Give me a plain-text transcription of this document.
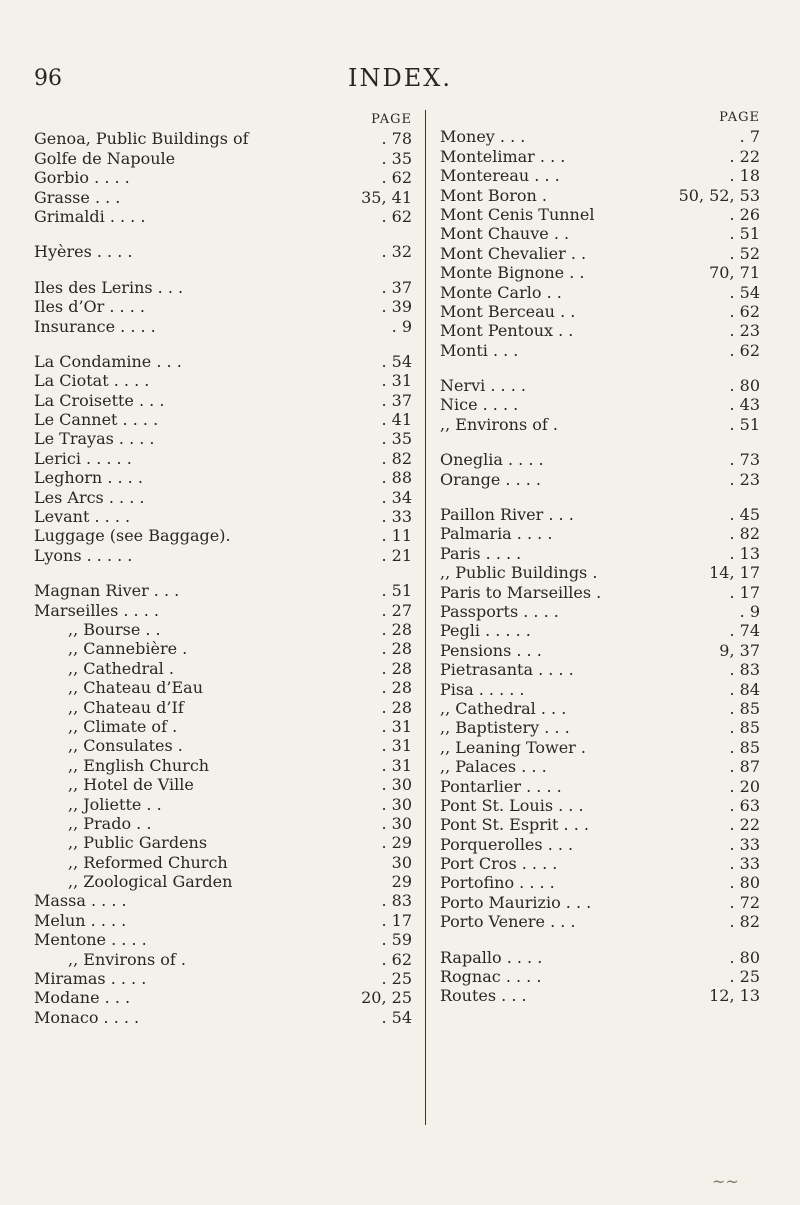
96	INDEX.
PAGE
Genoa, Public Buildings of	. 78
Golfe de Napoule	. 35
Gorbio . . . .	. 62
Grasse . . .	35, 41
Grimaldi . . . .	. 62
Hyères . . . .	. 32
Iles des Lerins . . .	. 37
Iles d’Or . . . .	. 39
Insurance . . . .	. 9
La Condamine . . .	. 54
La Ciotat . . . .	. 31
La Croisette . . .	. 37
Le Cannet . . . .	. 41
Le Trayas . . . .	. 35
Lerici . . . . .	. 82
Leghorn . . . .	. 88
Les Arcs . . . .	. 34
Levant . . . .	. 33
Luggage (see Baggage).	. 11
Lyons . . . . .	. 21
Magnan River . . .	. 51
Marseilles . . . .	. 27
,, Bourse . .	. 28
,, Cannebière .	. 28
,, Cathedral .	. 28
,, Chateau d’Eau	. 28
,, Chateau d’If	. 28
,, Climate of .	. 31
,, Consulates .	. 31
,, English Church	. 31
,, Hotel de Ville	. 30
,, Joliette . .	. 30
,, Prado . .	. 30
,, Public Gardens	. 29
,, Reformed Church	30
,, Zoological Garden	29
Massa . . . .	. 83
Melun . . . .	. 17
Mentone . . . .	. 59
,, Environs of .	. 62
Miramas . . . .	. 25
Modane . . .	20, 25
Monaco . . . .	. 54
PAGE
Money . . .	. 7
Montelimar . . .	. 22
Montereau . . .	. 18
Mont Boron .	50, 52, 53
Mont Cenis Tunnel	. 26
Mont Chauve . .	. 51
Mont Chevalier . .	. 52
Monte Bignone . .	70, 71
Monte Carlo . .	. 54
Mont Berceau . .	. 62
Mont Pentoux . .	. 23
Monti . . .	. 62
Nervi . . . .	. 80
Nice . . . .	. 43
,, Environs of .	. 51
Oneglia . . . .	. 73
Orange . . . .	. 23
Paillon River . . .	. 45
Palmaria . . . .	. 82
Paris . . . .	. 13
,, Public Buildings .	14, 17
Paris to Marseilles .	. 17
Passports . . . .	. 9
Pegli . . . . .	. 74
Pensions . . .	9, 37
Pietrasanta . . . .	. 83
Pisa . . . . .	. 84
,, Cathedral . . .	. 85
,, Baptistery . . .	. 85
,, Leaning Tower .	. 85
,, Palaces . . .	. 87
Pontarlier . . . .	. 20
Pont St. Louis . . .	. 63
Pont St. Esprit . . .	. 22
Porquerolles . . .	. 33
Port Cros . . . .	. 33
Portofino . . . .	. 80
Porto Maurizio . . .	. 72
Porto Venere . . .	. 82
Rapallo . . . .	. 80
Rognac . . . .	. 25
Routes . . .	12, 13
~~
